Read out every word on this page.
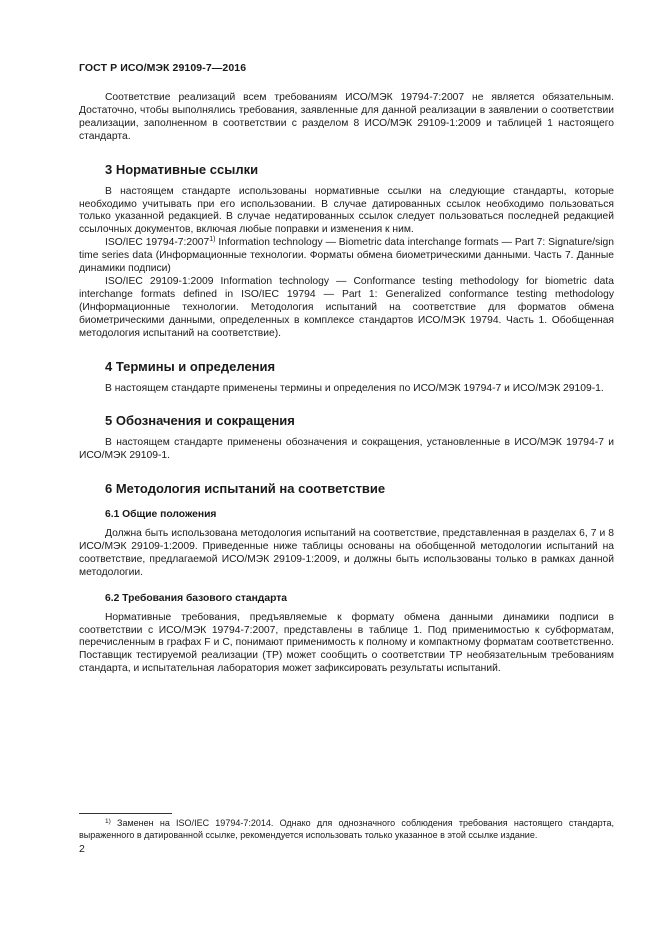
ГОСТ Р ИСО/МЭК 29109-7—2016

Соответствие реализаций всем требованиям ИСО/МЭК 19794-7:2007 не является обязательным. Достаточно, чтобы выполнялись требования, заявленные для данной реализации в заявлении о соответствии реализации, заполненном в соответствии с разделом 8 ИСО/МЭК 29109-1:2009 и таблицей 1 настоящего стандарта.

3 Нормативные ссылки

В настоящем стандарте использованы нормативные ссылки на следующие стандарты, которые необходимо учитывать при его использовании. В случае датированных ссылок необходимо пользоваться только указанной редакцией. В случае недатированных ссылок следует пользоваться последней редакцией ссылочных документов, включая любые поправки и изменения к ним.

ISO/IEC 19794-7:2007$^{1)}$ Information technology — Biometric data interchange formats — Part 7: Signature/sign time series data (Информационные технологии. Форматы обмена биометрическими данными. Часть 7. Данные динамики подписи)

ISO/IEC 29109-1:2009 Information technology — Conformance testing methodology for biometric data interchange formats defined in ISO/IEC 19794 — Part 1: Generalized conformance testing methodology (Информационные технологии. Методология испытаний на соответствие для форматов обмена биометрическими данными, определенных в комплексе стандартов ИСО/МЭК 19794. Часть 1. Обобщенная методология испытаний на соответствие).

4 Термины и определения

В настоящем стандарте применены термины и определения по ИСО/МЭК 19794-7 и ИСО/МЭК 29109-1.

5 Обозначения и сокращения

В настоящем стандарте применены обозначения и сокращения, установленные в ИСО/МЭК 19794-7 и ИСО/МЭК 29109-1.

6 Методология испытаний на соответствие
6.1 Общие положения

Должна быть использована методология испытаний на соответствие, представленная в разделах 6, 7 и 8 ИСО/МЭК 29109-1:2009. Приведенные ниже таблицы основаны на обобщенной методологии испытаний на соответствие, предлагаемой ИСО/МЭК 29109-1:2009, и должны быть использованы только в рамках данной методологии.

6.2 Требования базового стандарта

Нормативные требования, предъявляемые к формату обмена данными динамики подписи в соответствии с ИСО/МЭК 19794-7:2007, представлены в таблице 1. Под применимостью к субформатам, перечисленным в графах F и C, понимают применимость к полному и компактному форматам соответственно. Поставщик тестируемой реализации (ТР) может сообщить о соответствии ТР необязательным требованиям стандарта, и испытательная лаборатория может зафиксировать результаты испытаний.

$^{1)}$ Заменен на ISO/IEC 19794-7:2014. Однако для однозначного соблюдения требования настоящего стандарта, выраженного в датированной ссылке, рекомендуется использовать только указанное в этой ссылке издание.
2
